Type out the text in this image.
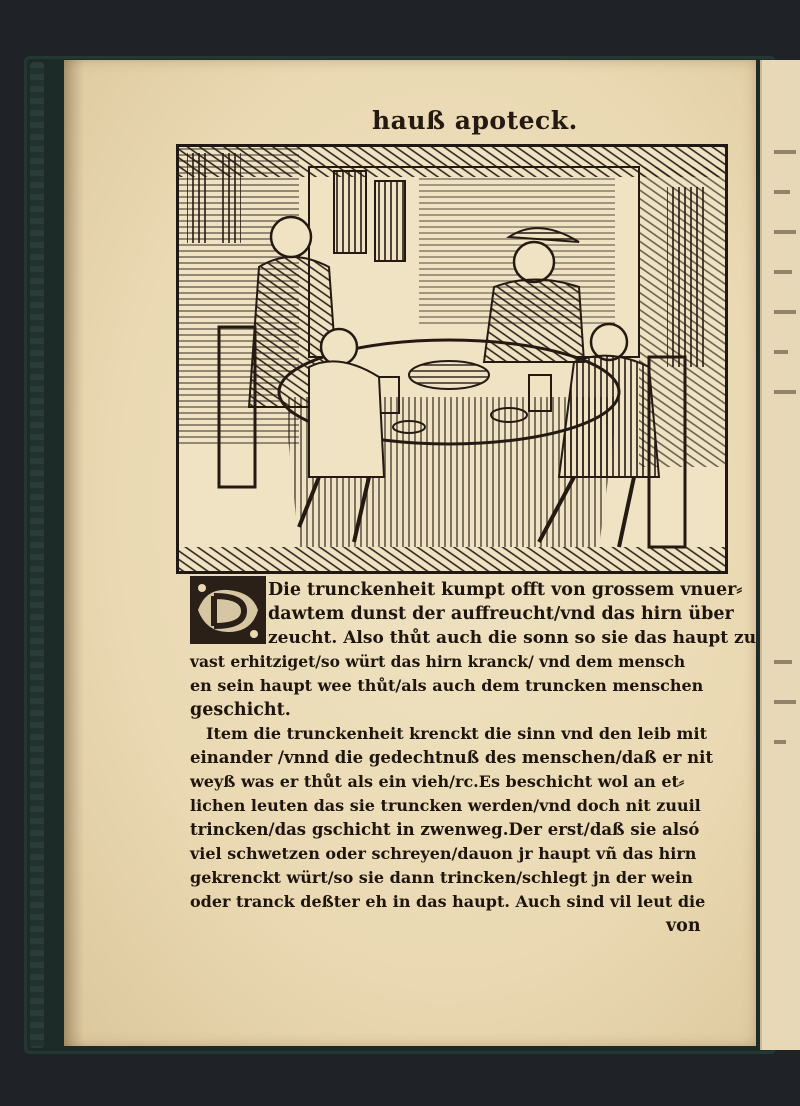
hauß apoteck.
Die trunckenheit kumpt offt von grossem vnuer⸗
dawtem dunst der auffreucht/vnd das hirn über
zeucht. Also thůt auch die sonn so sie das haupt zu
vast erhitziget/so würt das hirn kranck/ vnd dem mensch
en sein haupt wee thůt/als auch dem truncken menschen
geschicht.
Item die trunckenheit krenckt die sinn vnd den leib mit
einander /vnnd die gedechtnuß des menschen/daß er nit
weyß was er thůt als ein vieh/rc.Es beschicht wol an et⸗
lichen leuten das sie truncken werden/vnd doch nit zuuil
trincken/das gschicht in zwenweg.Der erst/daß sie alsó
viel schwetzen oder schreyen/dauon jr haupt vñ das hirn
gekrenckt würt/so sie dann trincken/schlegt jn der wein
oder tranck deßter eh in das haupt. Auch sind vil leut die
von
